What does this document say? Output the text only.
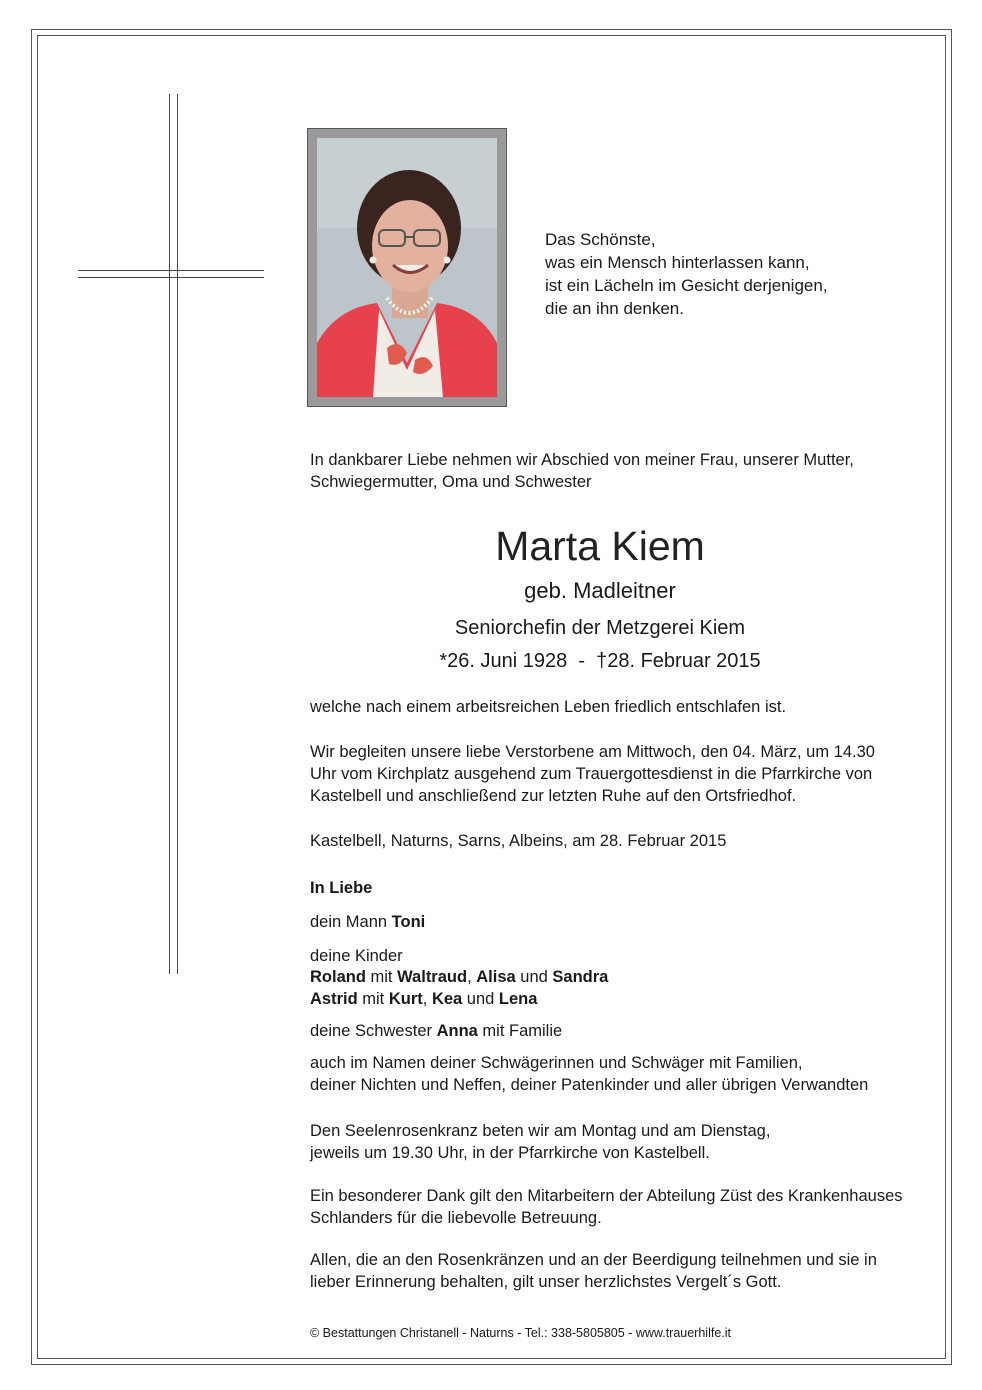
Das Schönste,
was ein Mensch hinterlassen kann,
ist ein Lächeln im Gesicht derjenigen,
die an ihn denken.
In dankbarer Liebe nehmen wir Abschied von meiner Frau, unserer Mutter,
Schwiegermutter, Oma und Schwester
Marta Kiem
geb. Madleitner
Seniorchefin der Metzgerei Kiem
*26. Juni 1928  -  †28. Februar 2015
welche nach einem arbeitsreichen Leben friedlich entschlafen ist.
Wir begleiten unsere liebe Verstorbene am Mittwoch, den 04. März, um 14.30
Uhr vom Kirchplatz ausgehend zum Trauergottesdienst in die Pfarrkirche von
Kastelbell und anschließend zur letzten Ruhe auf den Ortsfriedhof.
Kastelbell, Naturns, Sarns, Albeins, am 28. Februar 2015
In Liebe
dein Mann Toni
deine Kinder
Roland mit Waltraud, Alisa und Sandra
Astrid mit Kurt, Kea und Lena
deine Schwester Anna mit Familie
auch im Namen deiner Schwägerinnen und Schwäger mit Familien,
deiner Nichten und Neffen, deiner Patenkinder und aller übrigen Verwandten
Den Seelenrosenkranz beten wir am Montag und am Dienstag,
jeweils um 19.30 Uhr, in der Pfarrkirche von Kastelbell.
Ein besonderer Dank gilt den Mitarbeitern der Abteilung Züst des Krankenhauses
Schlanders für die liebevolle Betreuung.
Allen, die an den Rosenkränzen und an der Beerdigung teilnehmen und sie in
lieber Erinnerung behalten, gilt unser herzlichstes Vergelt´s Gott.
© Bestattungen Christanell - Naturns - Tel.: 338-5805805 - www.trauerhilfe.it
